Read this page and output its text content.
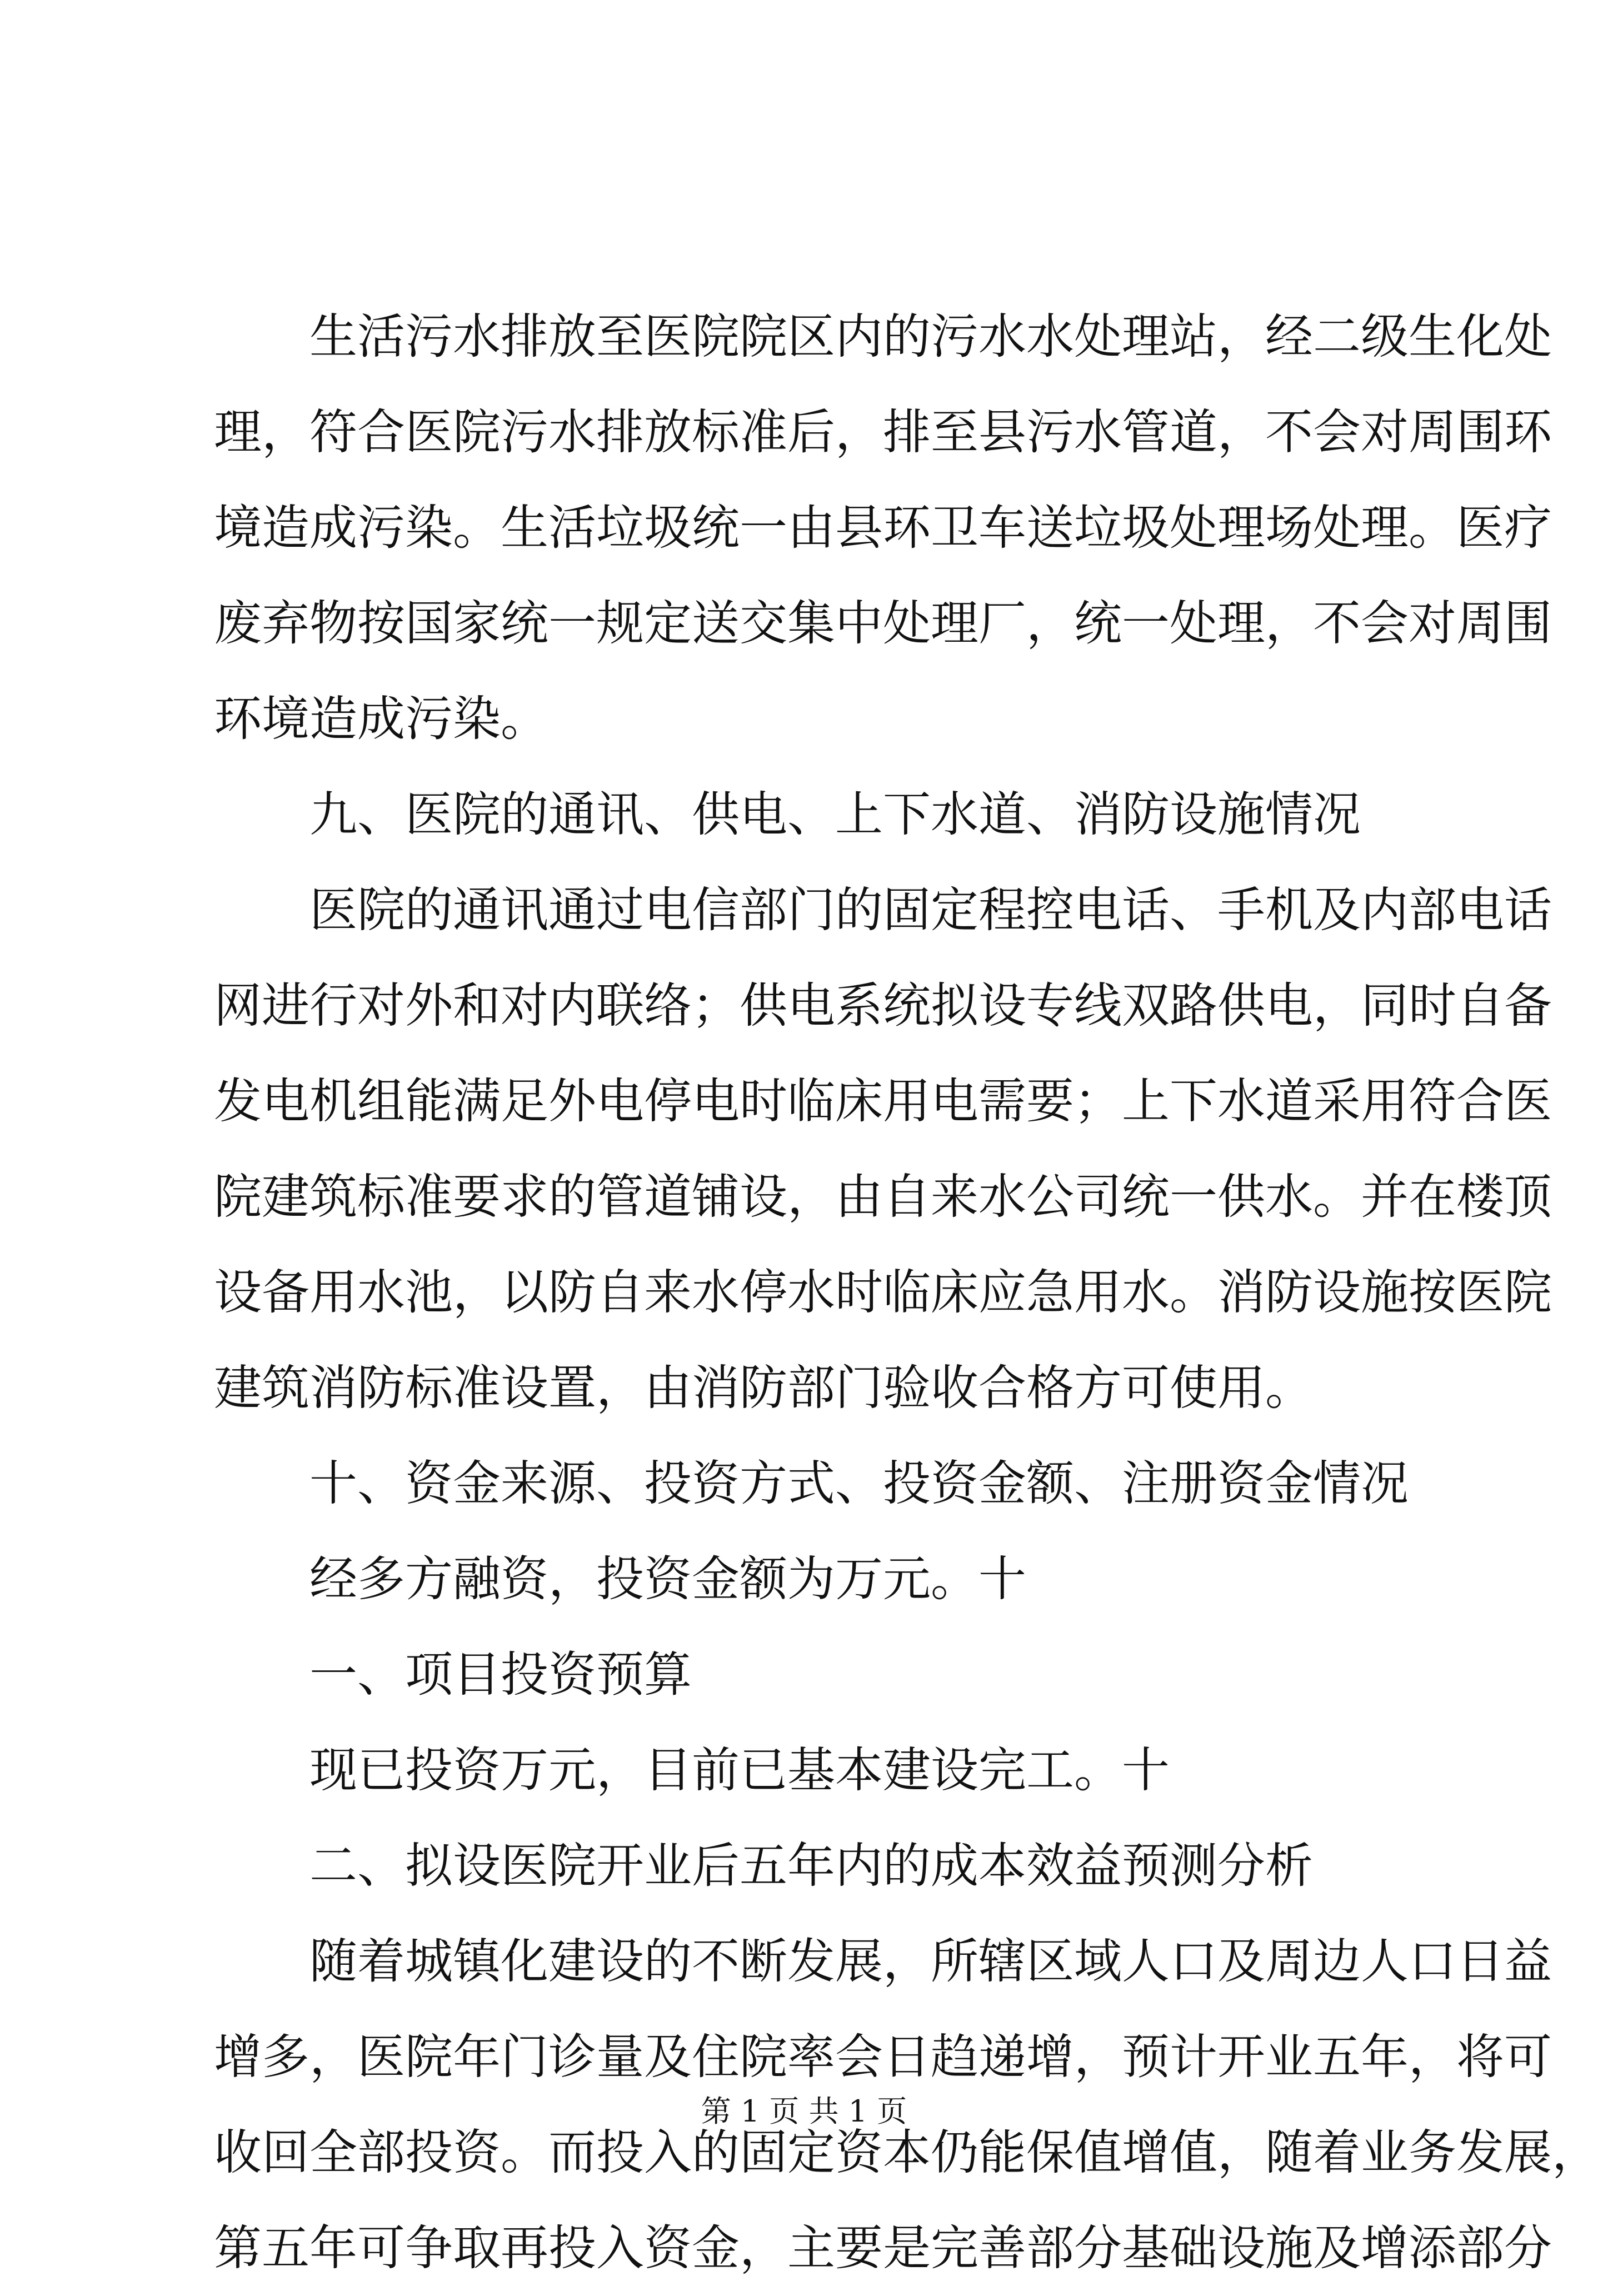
生活污水排放至医院院区内的污水水处理站，经二级生化处
理，符合医院污水排放标准后，排至县污水管道，不会对周围环
境造成污染。生活垃圾统一由县环卫车送垃圾处理场处理。医疗
废弃物按国家统一规定送交集中处理厂，统一处理，不会对周围
环境造成污染。
九、医院的通讯、供电、上下水道、消防设施情况
医院的通讯通过电信部门的固定程控电话、手机及内部电话
网进行对外和对内联络；供电系统拟设专线双路供电，同时自备
发电机组能满足外电停电时临床用电需要；上下水道采用符合医
院建筑标准要求的管道铺设，由自来水公司统一供水。并在楼顶
设备用水池，以防自来水停水时临床应急用水。消防设施按医院
建筑消防标准设置，由消防部门验收合格方可使用。
十、资金来源、投资方式、投资金额、注册资金情况
经多方融资，投资金额为万元。十
一、项目投资预算
现已投资万元，目前已基本建设完工。十
二、拟设医院开业后五年内的成本效益预测分析
随着城镇化建设的不断发展，所辖区域人口及周边人口日益
增多，医院年门诊量及住院率会日趋递增，预计开业五年，将可
收回全部投资。而投入的固定资本仍能保值增值，随着业务发展，
第五年可争取再投入资金，主要是完善部分基础设施及增添部分
第 1 页 共 1 页
